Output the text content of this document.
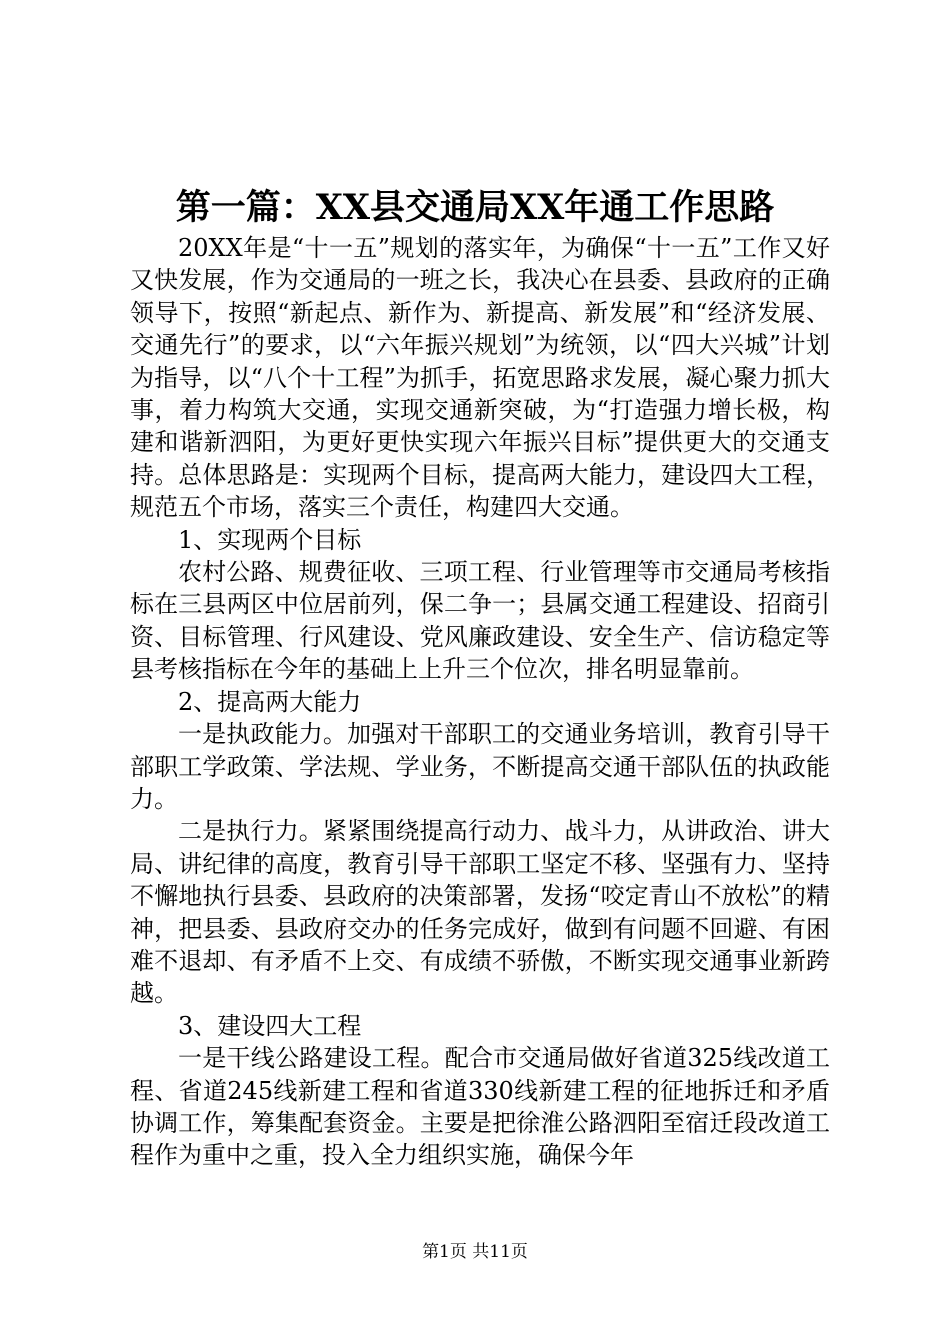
第一篇：XX县交通局XX年通工作思路

20XX年是“十一五”规划的落实年，为确保“十一五”工作又好又快发展，作为交通局的一班之长，我决心在县委、县政府的正确领导下，按照“新起点、新作为、新提高、新发展”和“经济发展、交通先行”的要求，以“六年振兴规划”为统领，以“四大兴城”计划为指导，以“八个十工程”为抓手，拓宽思路求发展，凝心聚力抓大事，着力构筑大交通，实现交通新突破，为“打造强力增长极，构建和谐新泗阳，为更好更快实现六年振兴目标”提供更大的交通支持。总体思路是：实现两个目标，提高两大能力，建设四大工程，规范五个市场，落实三个责任，构建四大交通。

1、实现两个目标

农村公路、规费征收、三项工程、行业管理等市交通局考核指标在三县两区中位居前列，保二争一；县属交通工程建设、招商引资、目标管理、行风建设、党风廉政建设、安全生产、信访稳定等县考核指标在今年的基础上上升三个位次，排名明显靠前。

2、提高两大能力

一是执政能力。加强对干部职工的交通业务培训，教育引导干部职工学政策、学法规、学业务，不断提高交通干部队伍的执政能力。

二是执行力。紧紧围绕提高行动力、战斗力，从讲政治、讲大局、讲纪律的高度，教育引导干部职工坚定不移、坚强有力、坚持不懈地执行县委、县政府的决策部署，发扬“咬定青山不放松”的精神，把县委、县政府交办的任务完成好，做到有问题不回避、有困难不退却、有矛盾不上交、有成绩不骄傲，不断实现交通事业新跨越。

3、建设四大工程

一是干线公路建设工程。配合市交通局做好省道325线改道工程、省道245线新建工程和省道330线新建工程的征地拆迁和矛盾协调工作，筹集配套资金。主要是把徐淮公路泗阳至宿迁段改道工程作为重中之重，投入全力组织实施，确保今年

第1页 共11页
